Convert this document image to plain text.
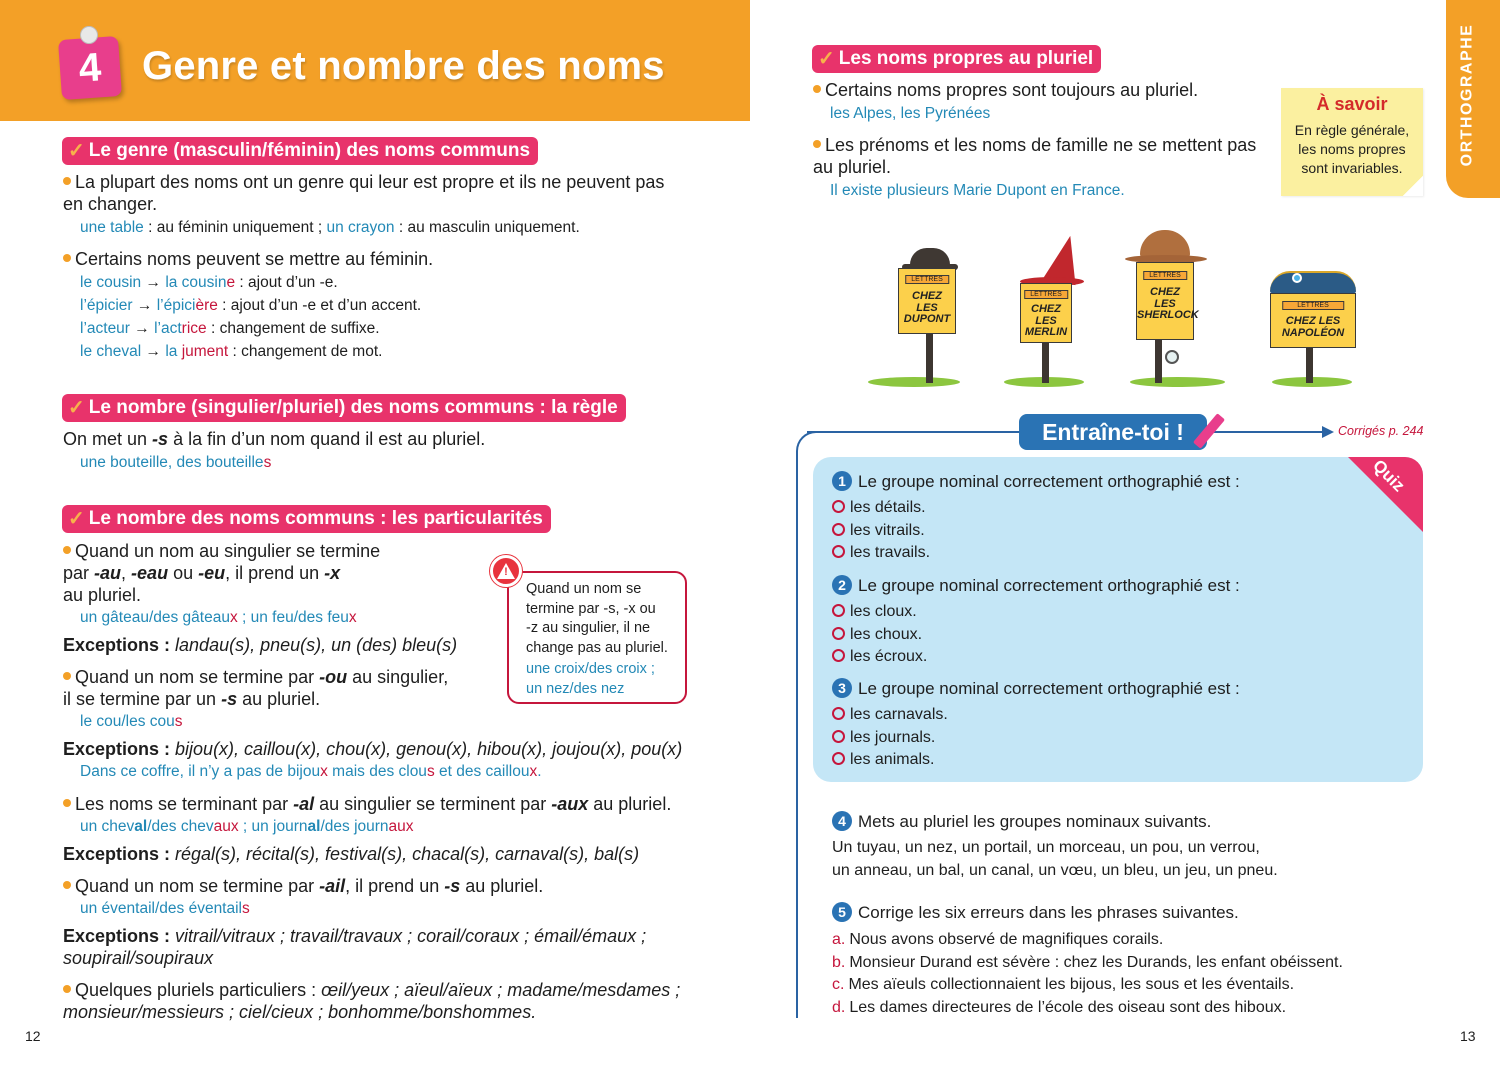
4 Genre et nombre des noms
✓ Le genre (masculin/féminin) des noms communs
La plupart des noms ont un genre qui leur est propre et ils ne peuvent pas
en changer.
une table : au féminin uniquement ; un crayon : au masculin uniquement.
Certains noms peuvent se mettre au féminin.
le cousin → la cousine : ajout d’un -e.
l’épicier → l’épicière : ajout d’un -e et d’un accent.
l’acteur → l’actrice : changement de suffixe.
le cheval → la jument : changement de mot.
✓ Le nombre (singulier/pluriel) des noms communs : la règle
On met un -s à la fin d’un nom quand il est au pluriel.
une bouteille, des bouteilles
✓ Le nombre des noms communs : les particularités
Quand un nom au singulier se termine
par -au, -eau ou -eu, il prend un -x
au pluriel.
un gâteau/des gâteaux ; un feu/des feux
Exceptions : landau(s), pneu(s), un (des) bleu(s)
Quand un nom se termine par -ou au singulier,
il se termine par un -s au pluriel.
le cou/les cous
Exceptions : bijou(x), caillou(x), chou(x), genou(x), hibou(x), joujou(x), pou(x)
Dans ce coffre, il n’y a pas de bijoux mais des clous et des cailloux.
Les noms se terminant par -al au singulier se terminent par -aux au pluriel.
un cheval/des chevaux ; un journal/des journaux
Exceptions : régal(s), récital(s), festival(s), chacal(s), carnaval(s), bal(s)
Quand un nom se termine par -ail, il prend un -s au pluriel.
un éventail/des éventails
Exceptions : vitrail/vitraux ; travail/travaux ; corail/coraux ; émail/émaux ;
soupirail/soupiraux
Quelques pluriels particuliers : œil/yeux ; aïeul/aïeux ; madame/mesdames ;
monsieur/messieurs ; ciel/cieux ; bonhomme/bonshommes.
!
Quand un nom se
termine par -s, -x ou
-z au singulier, il ne
change pas au pluriel.
une croix/des croix ;
un nez/des nez
12
ORTHOGRAPHE
✓ Les noms propres au pluriel
Certains noms propres sont toujours au pluriel.
les Alpes, les Pyrénées
Les prénoms et les noms de famille ne se mettent pas
au pluriel.
Il existe plusieurs Marie Dupont en France.
À savoir
En règle générale,
les noms propres
sont invariables.
LETTRES
CHEZ
LES
DUPONT
LETTRES
CHEZ
LES
MERLIN
LETTRES
CHEZ
LES
SHERLOCK
LETTRES
CHEZ LES
NAPOLÉON
Entraîne-toi !	Corrigés p. 244
Quiz
1 Le groupe nominal correctement orthographié est :
les détails.
les vitrails.
les travails.
2 Le groupe nominal correctement orthographié est :
les cloux.
les choux.
les écroux.
3 Le groupe nominal correctement orthographié est :
les carnavals.
les journals.
les animals.
4 Mets au pluriel les groupes nominaux suivants.
Un tuyau, un nez, un portail, un morceau, un pou, un verrou,
un anneau, un bal, un canal, un vœu, un bleu, un jeu, un pneu.
5 Corrige les six erreurs dans les phrases suivantes.
a. Nous avons observé de magnifiques corails.
b. Monsieur Durand est sévère : chez les Durands, les enfant obéissent.
c. Mes aïeuls collectionnaient les bijous, les sous et les éventails.
d. Les dames directeures de l’école des oiseau sont des hiboux.
13
